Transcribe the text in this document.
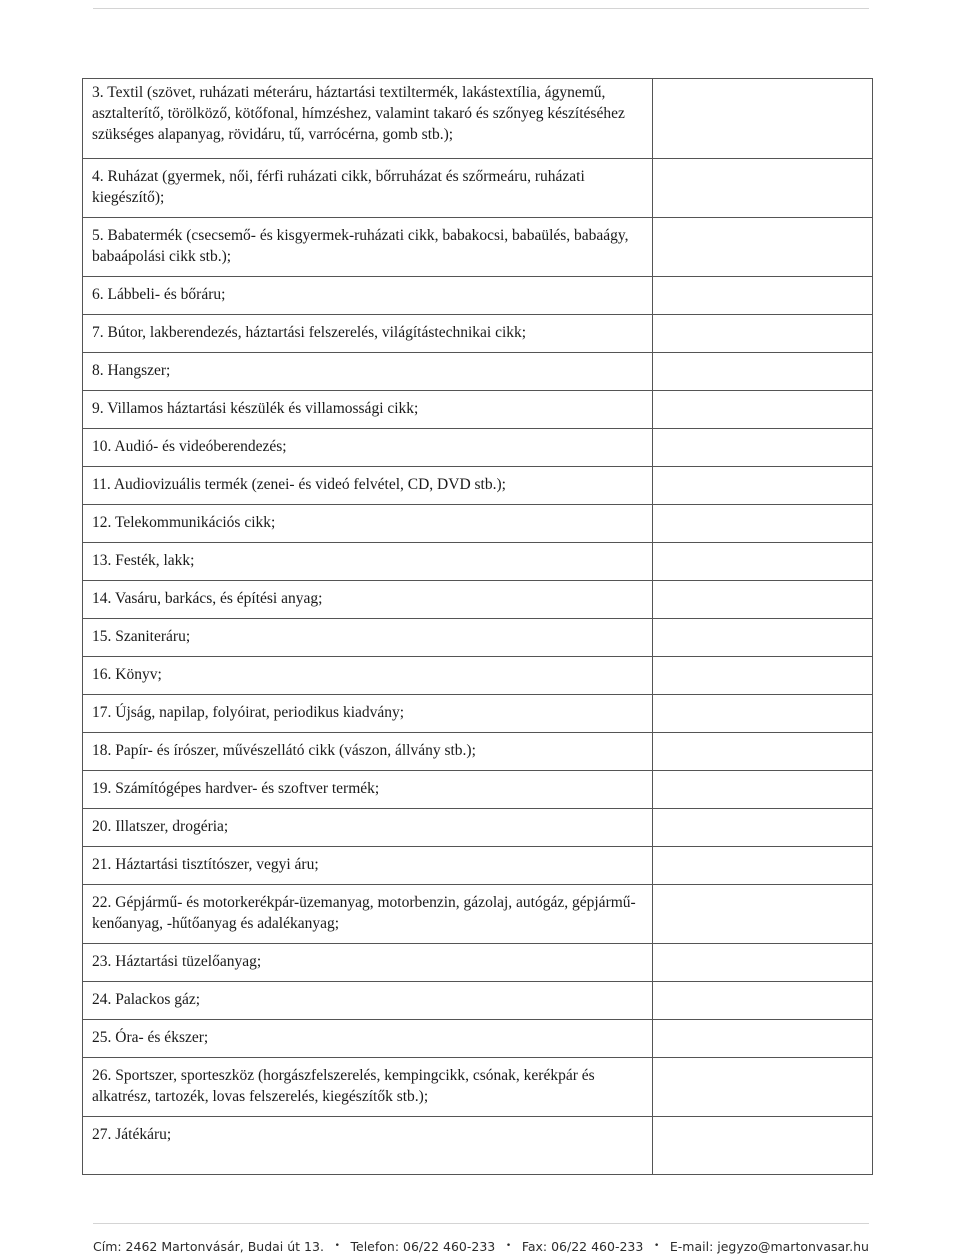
3. Textil (szövet, ruházati méteráru, háztartási textiltermék, lakástextília, ágynemű, asztalterítő, törölköző, kötőfonal, hímzéshez, valamint takaró és szőnyeg készítéséhez szükséges alapanyag, rövidáru, tű, varrócérna, gomb stb.);	
4. Ruházat (gyermek, női, férfi ruházati cikk, bőrruházat és szőrmeáru, ruházati kiegészítő);	
5. Babatermék (csecsemő- és kisgyermek-ruházati cikk, babakocsi, babaülés, babaágy, babaápolási cikk stb.);	
6. Lábbeli- és bőráru;	
7. Bútor, lakberendezés, háztartási felszerelés, világítástechnikai cikk;	
8. Hangszer;	
9. Villamos háztartási készülék és villamossági cikk;	
10. Audió- és videóberendezés;	
11. Audiovizuális termék (zenei- és videó felvétel, CD, DVD stb.);	
12. Telekommunikációs cikk;	
13. Festék, lakk;	
14. Vasáru, barkács, és építési anyag;	
15. Szaniteráru;	
16. Könyv;	
17. Újság, napilap, folyóirat, periodikus kiadvány;	
18. Papír- és írószer, művészellátó cikk (vászon, állvány stb.);	
19. Számítógépes hardver- és szoftver termék;	
20. Illatszer, drogéria;	
21. Háztartási tisztítószer, vegyi áru;	
22. Gépjármű- és motorkerékpár-üzemanyag, motorbenzin, gázolaj, autógáz, gépjármű-kenőanyag, -hűtőanyag és adalékanyag;	
23. Háztartási tüzelőanyag;	
24. Palackos gáz;	
25. Óra- és ékszer;	
26. Sportszer, sporteszköz (horgászfelszerelés, kempingcikk, csónak, kerékpár és alkatrész, tartozék, lovas felszerelés, kiegészítők stb.);	
27. Játékáru;	
Cím: 2462 Martonvásár, Budai út 13. • Telefon: 06/22 460-233 • Fax: 06/22 460-233 • E-mail: jegyzo@martonvasar.hu
